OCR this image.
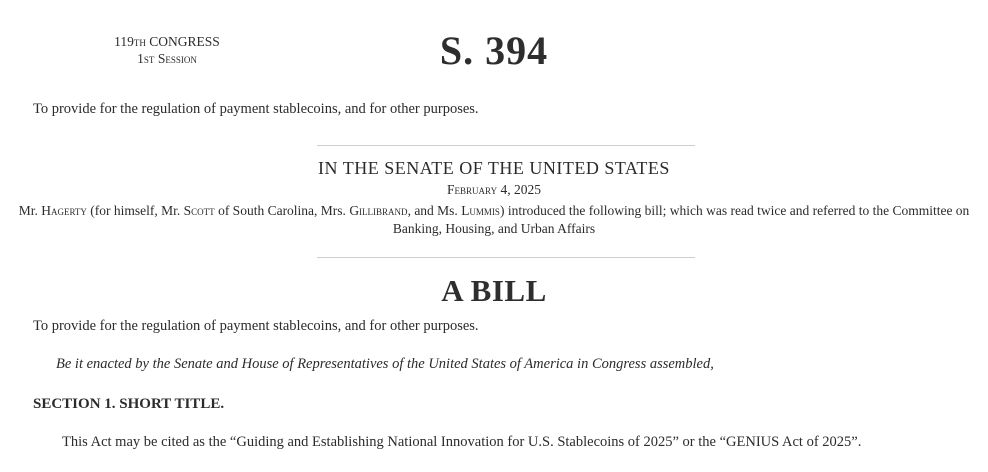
119th CONGRESS
1st Session	S. 394
To provide for the regulation of payment stablecoins, and for other purposes.
IN THE SENATE OF THE UNITED STATES
February 4, 2025
Mr. Hagerty (for himself, Mr. Scott of South Carolina, Mrs. Gillibrand, and Ms. Lummis) introduced the following bill; which was read twice and referred to the Committee on
Banking, Housing, and Urban Affairs
A BILL
To provide for the regulation of payment stablecoins, and for other purposes.
Be it enacted by the Senate and House of Representatives of the United States of America in Congress assembled,
SECTION 1. SHORT TITLE.
This Act may be cited as the “Guiding and Establishing National Innovation for U.S. Stablecoins of 2025” or the “GENIUS Act of 2025”.
